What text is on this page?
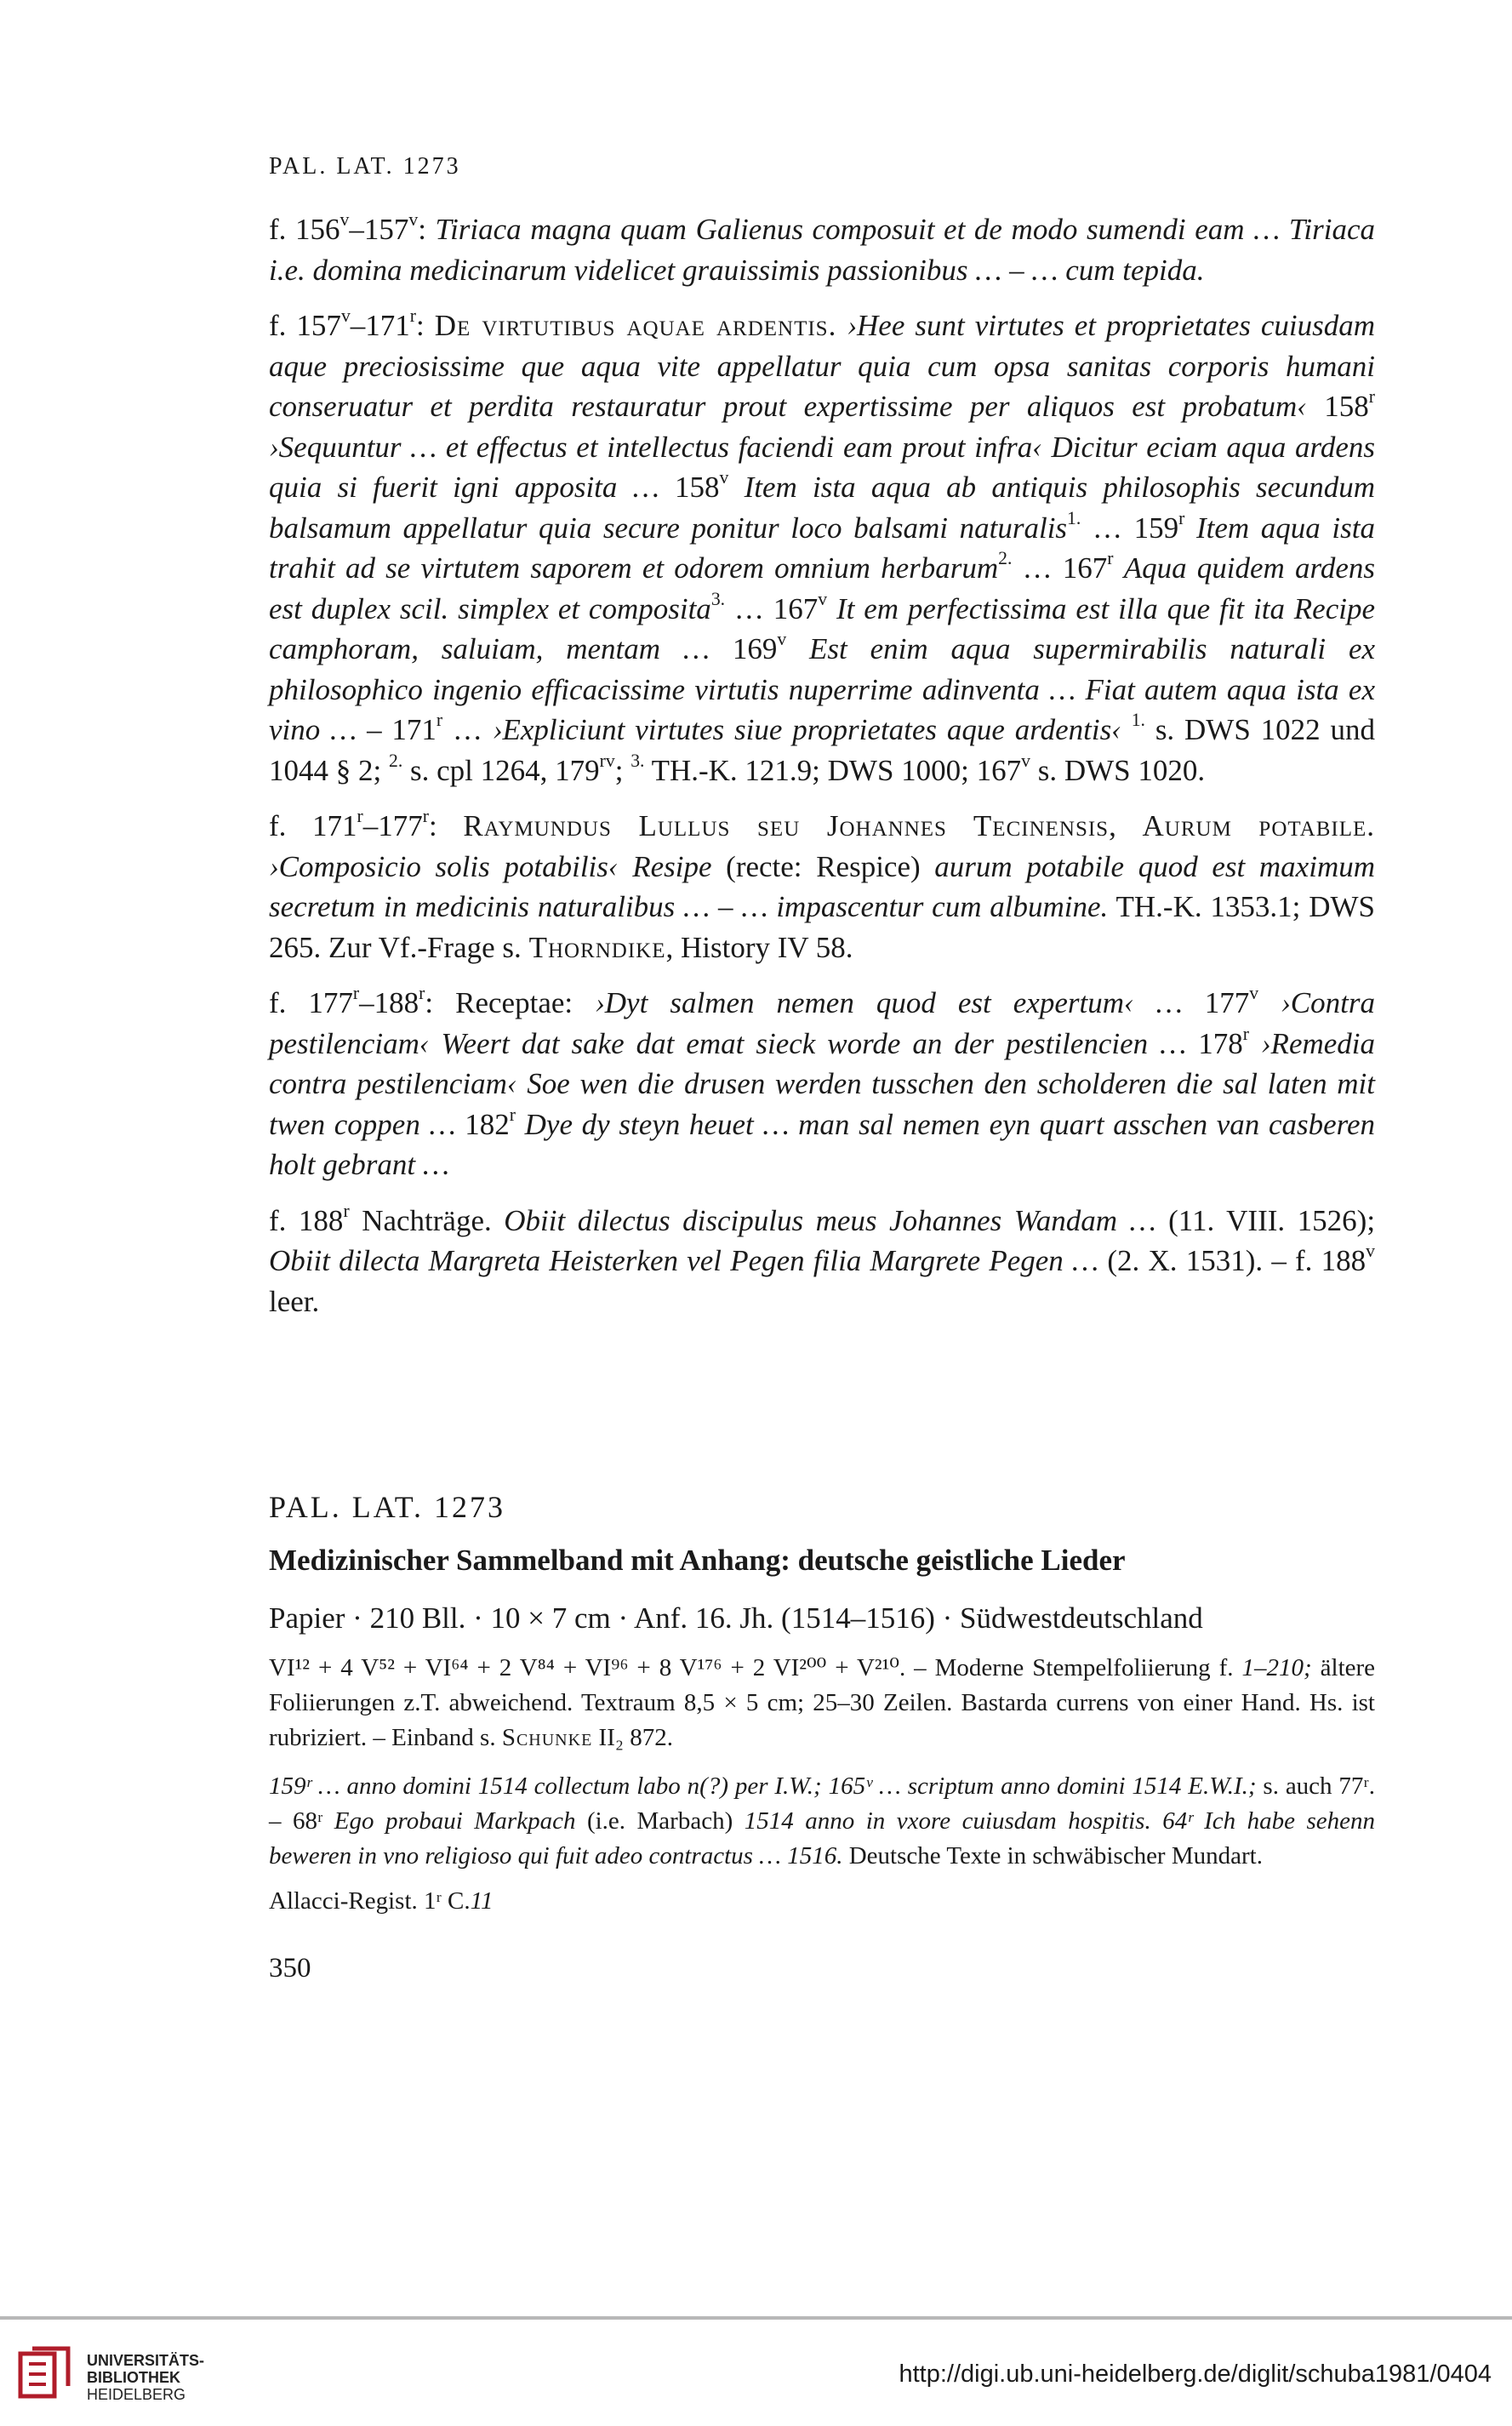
PAL. LAT. 1273

f. 156$^v$–157$^v$: Tiriaca magna quam Galienus composuit et de modo sumendi eam … Tiriaca i.e. domina medicinarum videlicet grauissimis passionibus … – … cum tepida.

f. 157$^v$–171$^r$: De virtutibus aquae ardentis. ›Hee sunt virtutes et proprietates cuiusdam aque preciosissime que aqua vite appellatur quia cum opsa sanitas corporis humani conseruatur et perdita restauratur prout expertissime per aliquos est probatum‹ 158$^r$ ›Sequuntur … et effectus et intellectus faciendi eam prout infra‹ Dicitur eciam aqua ardens quia si fuerit igni apposita … 158$^v$ Item ista aqua ab antiquis philosophis secundum balsamum appellatur quia secure ponitur loco balsami naturalis$^{1.}$ … 159$^r$ Item aqua ista trahit ad se virtutem saporem et odorem omnium herbarum$^{2.}$ … 167$^r$ Aqua quidem ardens est duplex scil. simplex et composita$^{3.}$ … 167$^v$ It em perfectissima est illa que fit ita Recipe camphoram, saluiam, mentam … 169$^v$ Est enim aqua supermirabilis naturali ex philosophico ingenio efficacissime virtutis nuperrime adinventa … Fiat autem aqua ista ex vino … – 171$^r$ … ›Expliciunt virtutes siue proprietates aque ardentis‹ $^{1.}$ s. DWS 1022 und 1044 § 2; $^{2.}$ s. cpl 1264, $179^{rv}$; $^{3.}$ TH.-K. 121.9; DWS 1000; 167$^v$ s. DWS 1020.

f. 171$^r$–177$^r$: Raymundus Lullus seu Johannes Tecinensis, Aurum potabile. ›Composicio solis potabilis‹ Resipe (recte: Respice) aurum potabile quod est maximum secretum in medicinis naturalibus … – … impascentur cum albumine. TH.-K. 1353.1; DWS 265. Zur Vf.-Frage s. Thorndike, History IV 58.

f. 177$^r$–188$^r$: Receptae: ›Dyt salmen nemen quod est expertum‹ … 177$^v$ ›Contra pestilenciam‹ Weert dat sake dat emat sieck worde an der pestilencien … 178$^r$ ›Remedia contra pestilenciam‹ Soe wen die drusen werden tusschen den scholderen die sal laten mit twen coppen … 182$^r$ Dye dy steyn heuet … man sal nemen eyn quart asschen van casberen holt gebrant …

f. 188$^r$ Nachträge. Obiit dilectus discipulus meus Johannes Wandam … (11. VIII. 1526); Obiit dilecta Margreta Heisterken vel Pegen filia Margrete Pegen … (2. X. 1531). – f. 188$^v$ leer.

PAL. LAT. 1273
Medizinischer Sammelband mit Anhang: deutsche geistliche Lieder
Papier · 210 Bll. · 10 × 7 cm · Anf. 16. Jh. (1514–1516) · Südwestdeutschland

VI¹² + 4 V⁵² + VI⁶⁴ + 2 V⁸⁴ + VI⁹⁶ + 8 V¹⁷⁶ + 2 VI²⁰⁰ + V²¹⁰. – Moderne Stempelfoliierung f. 1–210; ältere Foliierungen z.T. abweichend. Textraum 8,5 × 5 cm; 25–30 Zeilen. Bastarda currens von einer Hand. Hs. ist rubriziert. – Einband s. Schunke II₂ 872.

159ʳ … anno domini 1514 collectum labo n(?) per I.W.; 165ᵛ … scriptum anno domini 1514 E.W.I.; s. auch 77ʳ. – 68ʳ Ego probaui Markpach (i.e. Marbach) 1514 anno in vxore cuiusdam hospitis. 64ʳ Ich habe sehenn beweren in vno religioso qui fuit adeo contractus … 1516. Deutsche Texte in schwäbischer Mundart.

Allacci-Regist. 1ʳ C.11
350
UNIVERSITÄTS-
BIBLIOTHEK
HEIDELBERG
http://digi.ub.uni-heidelberg.de/diglit/schuba1981/0404
